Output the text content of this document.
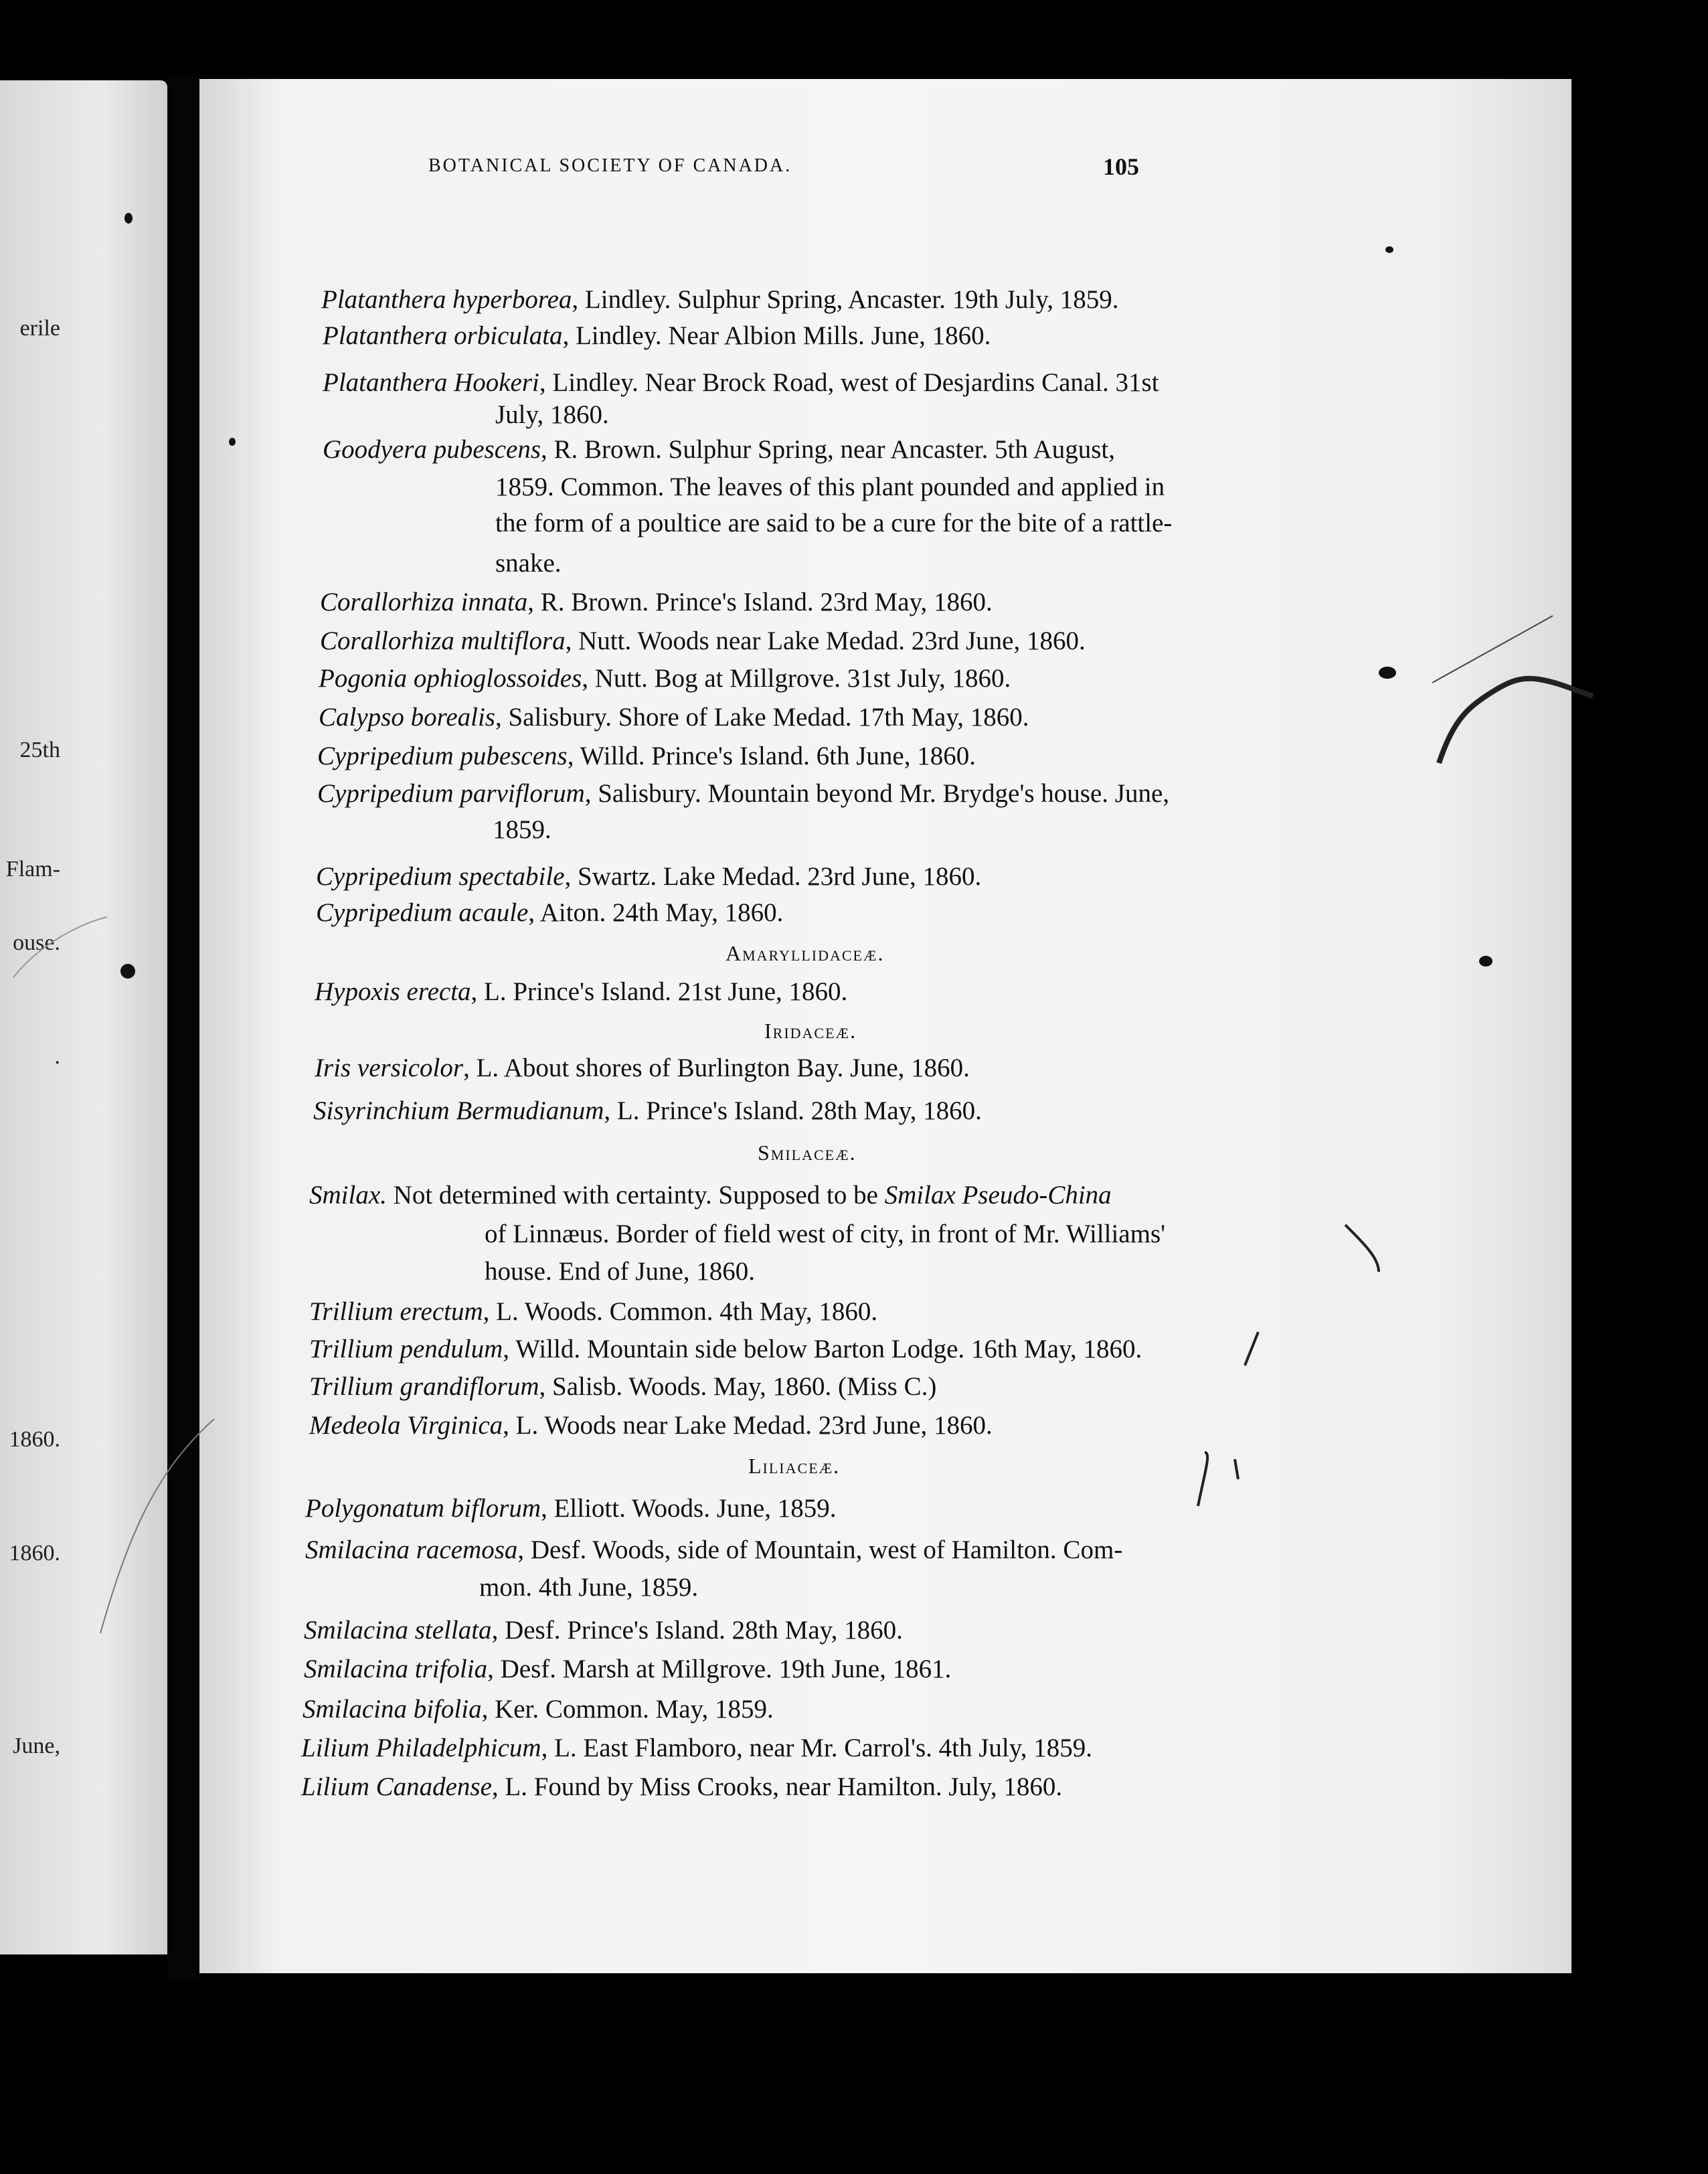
erile
25th
Flam-
ouse.
.
1860.
1860.
June,
BOTANICAL SOCIETY OF CANADA.	105
Platanthera hyperborea, Lindley. Sulphur Spring, Ancaster. 19th July, 1859.
Platanthera orbiculata, Lindley. Near Albion Mills. June, 1860.
Platanthera Hookeri, Lindley. Near Brock Road, west of Desjardins Canal. 31st
July, 1860.
Goodyera pubescens, R. Brown. Sulphur Spring, near Ancaster. 5th August,
1859. Common. The leaves of this plant pounded and applied in
the form of a poultice are said to be a cure for the bite of a rattle-
snake.
Corallorhiza innata, R. Brown. Prince's Island. 23rd May, 1860.
Corallorhiza multiflora, Nutt. Woods near Lake Medad. 23rd June, 1860.
Pogonia ophioglossoides, Nutt. Bog at Millgrove. 31st July, 1860.
Calypso borealis, Salisbury. Shore of Lake Medad. 17th May, 1860.
Cypripedium pubescens, Willd. Prince's Island. 6th June, 1860.
Cypripedium parviflorum, Salisbury. Mountain beyond Mr. Brydge's house. June,
1859.
Cypripedium spectabile, Swartz. Lake Medad. 23rd June, 1860.
Cypripedium acaule, Aiton. 24th May, 1860.
Amaryllidaceæ.
Hypoxis erecta, L. Prince's Island. 21st June, 1860.
Iridaceæ.
Iris versicolor, L. About shores of Burlington Bay. June, 1860.
Sisyrinchium Bermudianum, L. Prince's Island. 28th May, 1860.
Smilaceæ.
Smilax. Not determined with certainty. Supposed to be Smilax Pseudo-China
of Linnæus. Border of field west of city, in front of Mr. Williams'
house. End of June, 1860.
Trillium erectum, L. Woods. Common. 4th May, 1860.
Trillium pendulum, Willd. Mountain side below Barton Lodge. 16th May, 1860.
Trillium grandiflorum, Salisb. Woods. May, 1860. (Miss C.)
Medeola Virginica, L. Woods near Lake Medad. 23rd June, 1860.
Liliaceæ.
Polygonatum biflorum, Elliott. Woods. June, 1859.
Smilacina racemosa, Desf. Woods, side of Mountain, west of Hamilton. Com-
mon. 4th June, 1859.
Smilacina stellata, Desf. Prince's Island. 28th May, 1860.
Smilacina trifolia, Desf. Marsh at Millgrove. 19th June, 1861.
Smilacina bifolia, Ker. Common. May, 1859.
Lilium Philadelphicum, L. East Flamboro, near Mr. Carrol's. 4th July, 1859.
Lilium Canadense, L. Found by Miss Crooks, near Hamilton. July, 1860.
